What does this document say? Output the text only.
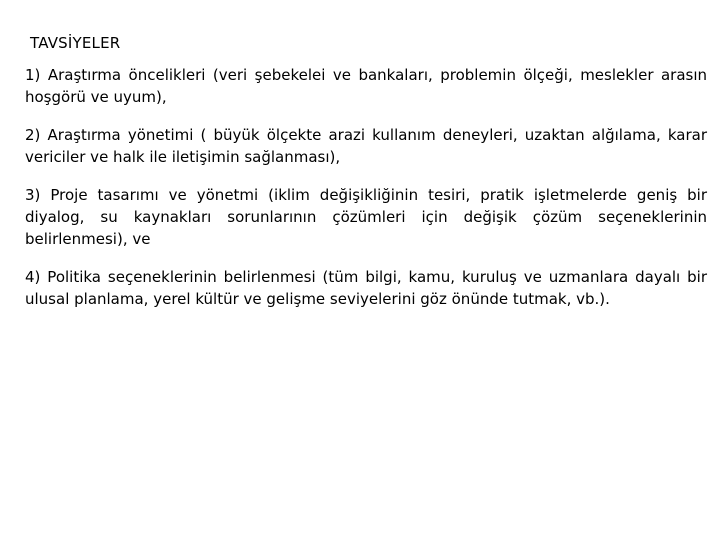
TAVSİYELER

1) Araştırma öncelikleri (veri şebekelei ve bankaları, problemin ölçeği, meslekler arasın hoşgörü ve uyum),

2) Araştırma yönetimi ( büyük ölçekte arazi kullanım deneyleri, uzaktan alğılama, karar vericiler ve halk ile iletişimin sağlanması),

3) Proje tasarımı ve yönetmi (iklim değişikliğinin tesiri, pratik işletmelerde geniş bir diyalog, su kaynakları sorunlarının çözümleri için değişik çözüm seçeneklerinin belirlenmesi), ve

4) Politika seçeneklerinin belirlenmesi (tüm bilgi, kamu, kuruluş ve uzmanlara dayalı bir ulusal planlama, yerel kültür ve gelişme seviyelerini göz önünde tutmak, vb.).
